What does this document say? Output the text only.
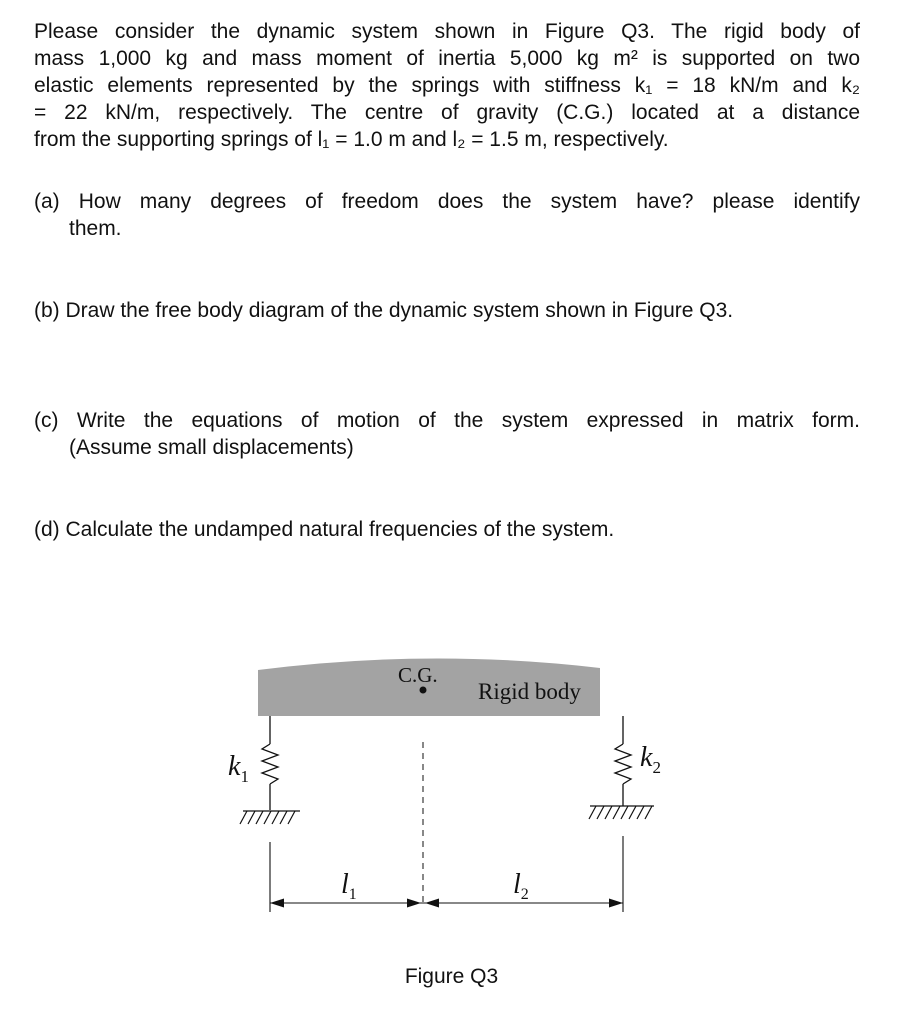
Please consider the dynamic system shown in Figure Q3. The rigid body of
mass 1,000 kg and mass moment of inertia 5,000 kg m² is supported on two
elastic elements represented by the springs with stiffness k₁ = 18 kN/m and k₂
= 22 kN/m, respectively. The centre of gravity (C.G.) located at a distance
from the supporting springs of l₁ = 1.0 m and l₂ = 1.5 m, respectively.
(a) How many degrees of freedom does the system have? please identify
them.
(b) Draw the free body diagram of the dynamic system shown in Figure Q3.
(c) Write the equations of motion of the system expressed in matrix form.
(Assume small displacements)
(d) Calculate the undamped natural frequencies of the system.
C.G.
Rigid body
$k_1$
$k_2$
$l_1$	$l_2$
Figure Q3
